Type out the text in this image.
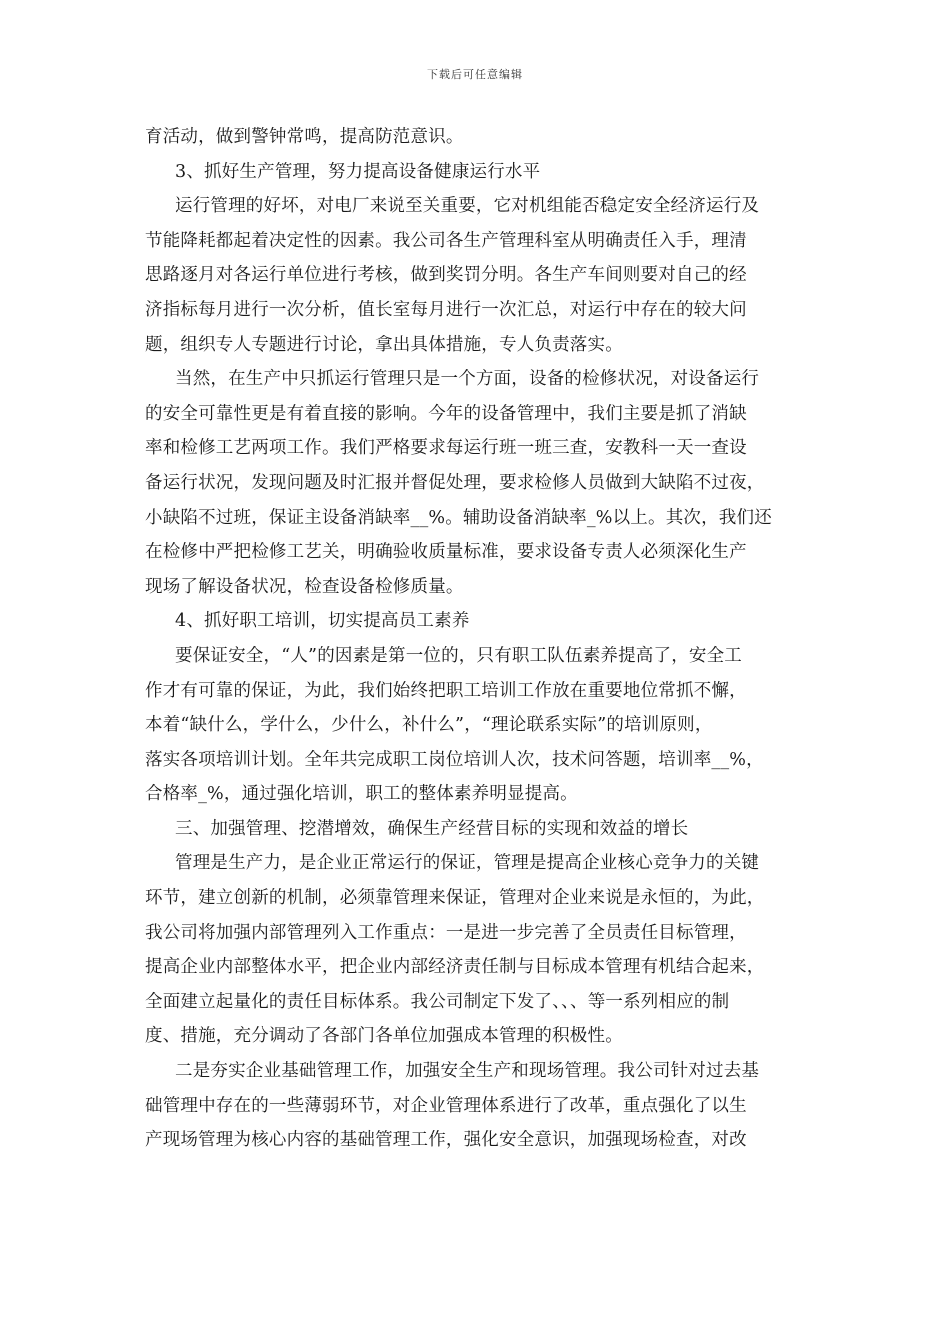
下载后可任意编辑
育活动，做到警钟常鸣，提高防范意识。
3、抓好生产管理，努力提高设备健康运行水平
运行管理的好坏，对电厂来说至关重要，它对机组能否稳定安全经济运行及
节能降耗都起着决定性的因素。我公司各生产管理科室从明确责任入手，理清
思路逐月对各运行单位进行考核，做到奖罚分明。各生产车间则要对自己的经
济指标每月进行一次分析，值长室每月进行一次汇总，对运行中存在的较大问
题，组织专人专题进行讨论，拿出具体措施，专人负责落实。
当然，在生产中只抓运行管理只是一个方面，设备的检修状况，对设备运行
的安全可靠性更是有着直接的影响。今年的设备管理中，我们主要是抓了消缺
率和检修工艺两项工作。我们严格要求每运行班一班三查，安教科一天一查设
备运行状况，发现问题及时汇报并督促处理，要求检修人员做到大缺陷不过夜，
小缺陷不过班，保证主设备消缺率__%。辅助设备消缺率_%以上。其次，我们还
在检修中严把检修工艺关，明确验收质量标准，要求设备专责人必须深化生产
现场了解设备状况，检查设备检修质量。
4、抓好职工培训，切实提高员工素养
要保证安全，“人”的因素是第一位的，只有职工队伍素养提高了，安全工
作才有可靠的保证，为此，我们始终把职工培训工作放在重要地位常抓不懈，
本着“缺什么，学什么，少什么，补什么”，“理论联系实际”的培训原则，
落实各项培训计划。全年共完成职工岗位培训人次，技术问答题，培训率__%，
合格率_%，通过强化培训，职工的整体素养明显提高。
三、加强管理、挖潜增效，确保生产经营目标的实现和效益的增长
管理是生产力，是企业正常运行的保证，管理是提高企业核心竞争力的关键
环节，建立创新的机制，必须靠管理来保证，管理对企业来说是永恒的，为此，
我公司将加强内部管理列入工作重点：一是进一步完善了全员责任目标管理，
提高企业内部整体水平，把企业内部经济责任制与目标成本管理有机结合起来，
全面建立起量化的责任目标体系。我公司制定下发了、、、等一系列相应的制
度、措施，充分调动了各部门各单位加强成本管理的积极性。
二是夯实企业基础管理工作，加强安全生产和现场管理。我公司针对过去基
础管理中存在的一些薄弱环节，对企业管理体系进行了改革，重点强化了以生
产现场管理为核心内容的基础管理工作，强化安全意识，加强现场检查，对改
